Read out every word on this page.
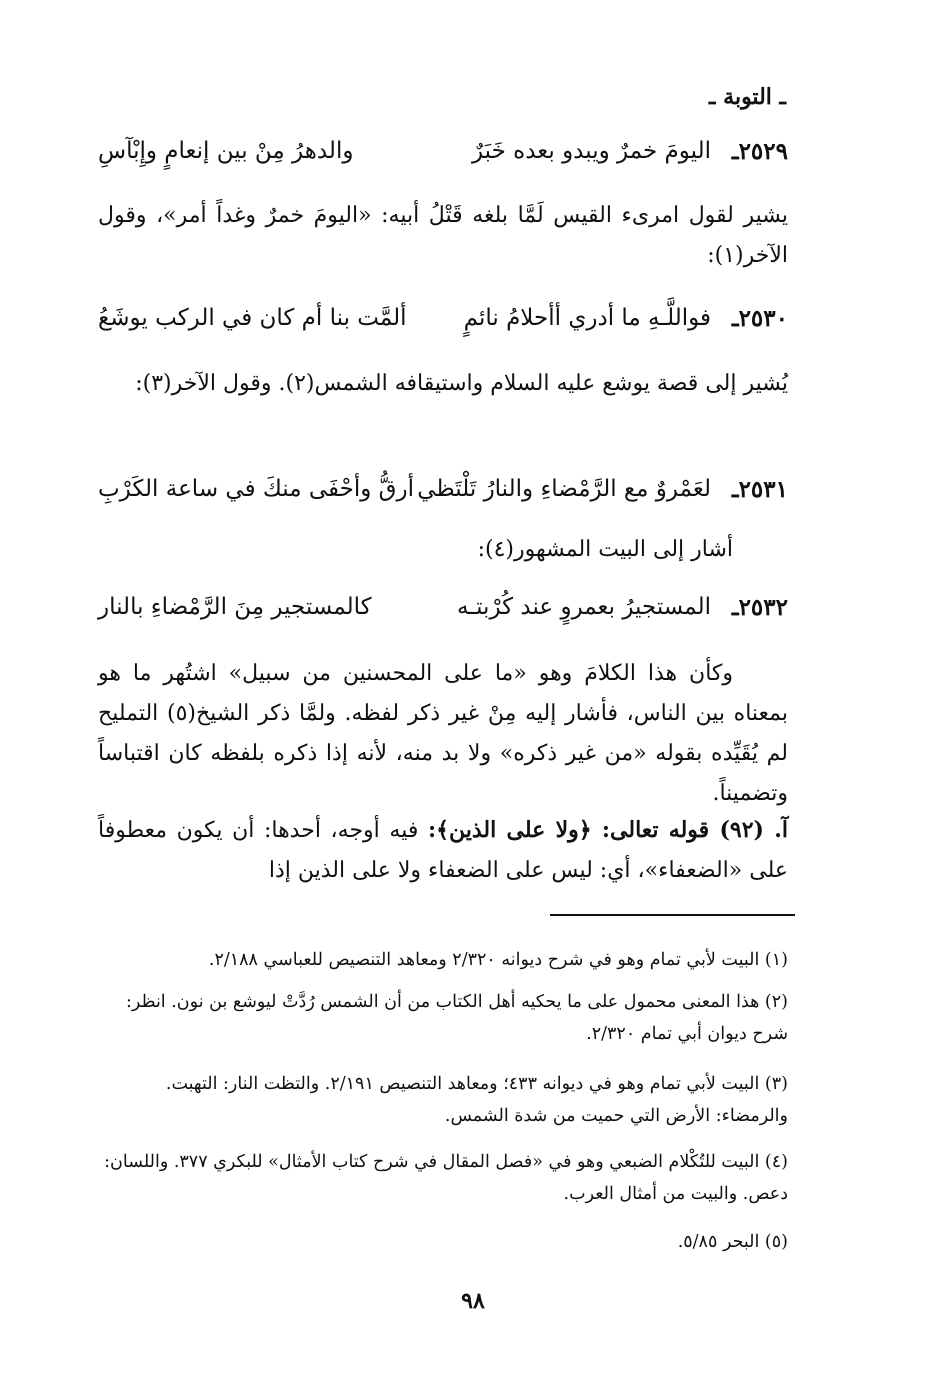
ـ التوبة ـ
٢٥٢٩ـ
اليومَ خمرٌ ويبدو بعده خَبَرٌ
والدهرُ مِنْ بين إنعامٍ وإِبْآسِ
يشير لقول امرىء القيس لَمَّا بلغه قَتْلُ أبيه: «اليومَ خمرٌ وغداً أمر»، وقول الآخر(١):
٢٥٣٠ـ
فواللَّـهِ ما أدري أأحلامُ نائمٍ
ألمَّت بنا أم كان في الركب يوشَعُ
يُشير إلى قصة يوشع عليه السلام واستيقافه الشمس(٢). وقول الآخر(٣):
٢٥٣١ـ
لعَمْروٌ مع الرَّمْضاءِ والنارُ تَلْتَظي
أرقُّ وأحْفَى منكَ في ساعة الكَرْبِ
أشار إلى البيت المشهور(٤):
٢٥٣٢ـ
المستجيرُ بعمروٍ عند كُرْبتـه
كالمستجير مِنَ الرَّمْضاءِ بالنار
وكأن هذا الكلامَ وهو «ما على المحسنين من سبيل» اشتُهر ما هو بمعناه بين الناس، فأشار إليه مِنْ غير ذكر لفظه. ولمَّا ذكر الشيخ(٥) التمليح لم يُقَيِّده بقوله «من غير ذكره» ولا بد منه، لأنه إذا ذكره بلفظه كان اقتباساً وتضميناً.
آ. (٩٢) قوله تعالى: ﴿ولا على الذين﴾: فيه أوجه، أحدها: أن يكون معطوفاً على «الضعفاء»، أي: ليس على الضعفاء ولا على الذين إذا
(١) البيت لأبي تمام وهو في شرح ديوانه ٢/٣٢٠ ومعاهد التنصيص للعباسي ٢/١٨٨.
(٢) هذا المعنى محمول على ما يحكيه أهل الكتاب من أن الشمس رُدَّتْ ليوشع بن نون. انظر: شرح ديوان أبي تمام ٢/٣٢٠.
(٣) البيت لأبي تمام وهو في ديوانه ٤٣٣؛ ومعاهد التنصيص ٢/١٩١. والتظت النار: التهبت. والرمضاء: الأرض التي حميت من شدة الشمس.
(٤) البيت للتُكْلام الضبعي وهو في «فصل المقال في شرح كتاب الأمثال» للبكري ٣٧٧. واللسان: دعص. والبيت من أمثال العرب.
(٥) البحر ٥/٨٥.
٩٨
